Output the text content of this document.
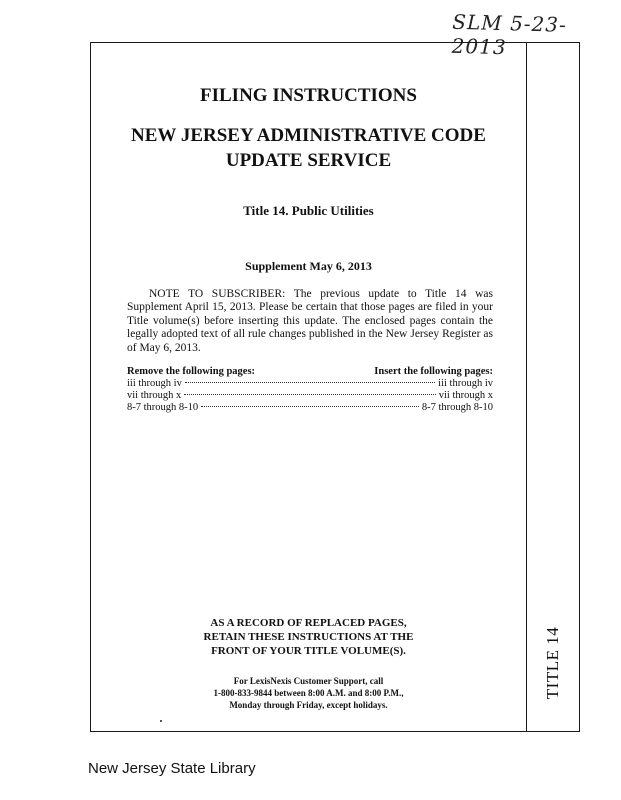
SLM 5-23-2013
FILING INSTRUCTIONS
NEW JERSEY ADMINISTRATIVE CODE
UPDATE SERVICE
Title 14. Public Utilities
Supplement May 6, 2013
NOTE TO SUBSCRIBER: The previous update to Title 14 was Supplement April 15, 2013. Please be certain that those pages are filed in your Title volume(s) before inserting this update. The enclosed pages contain the legally adopted text of all rule changes published in the New Jersey Register as of May 6, 2013.
Remove the following pages:	Insert the following pages:
iii through iv	iii through iv
vii through x	vii through x
8-7 through 8-10	8-7 through 8-10
AS A RECORD OF REPLACED PAGES,
RETAIN THESE INSTRUCTIONS AT THE
FRONT OF YOUR TITLE VOLUME(S).
For LexisNexis Customer Support, call
1-800-833-9844 between 8:00 A.M. and 8:00 P.M.,
Monday through Friday, except holidays.
TITLE 14
New Jersey State Library
